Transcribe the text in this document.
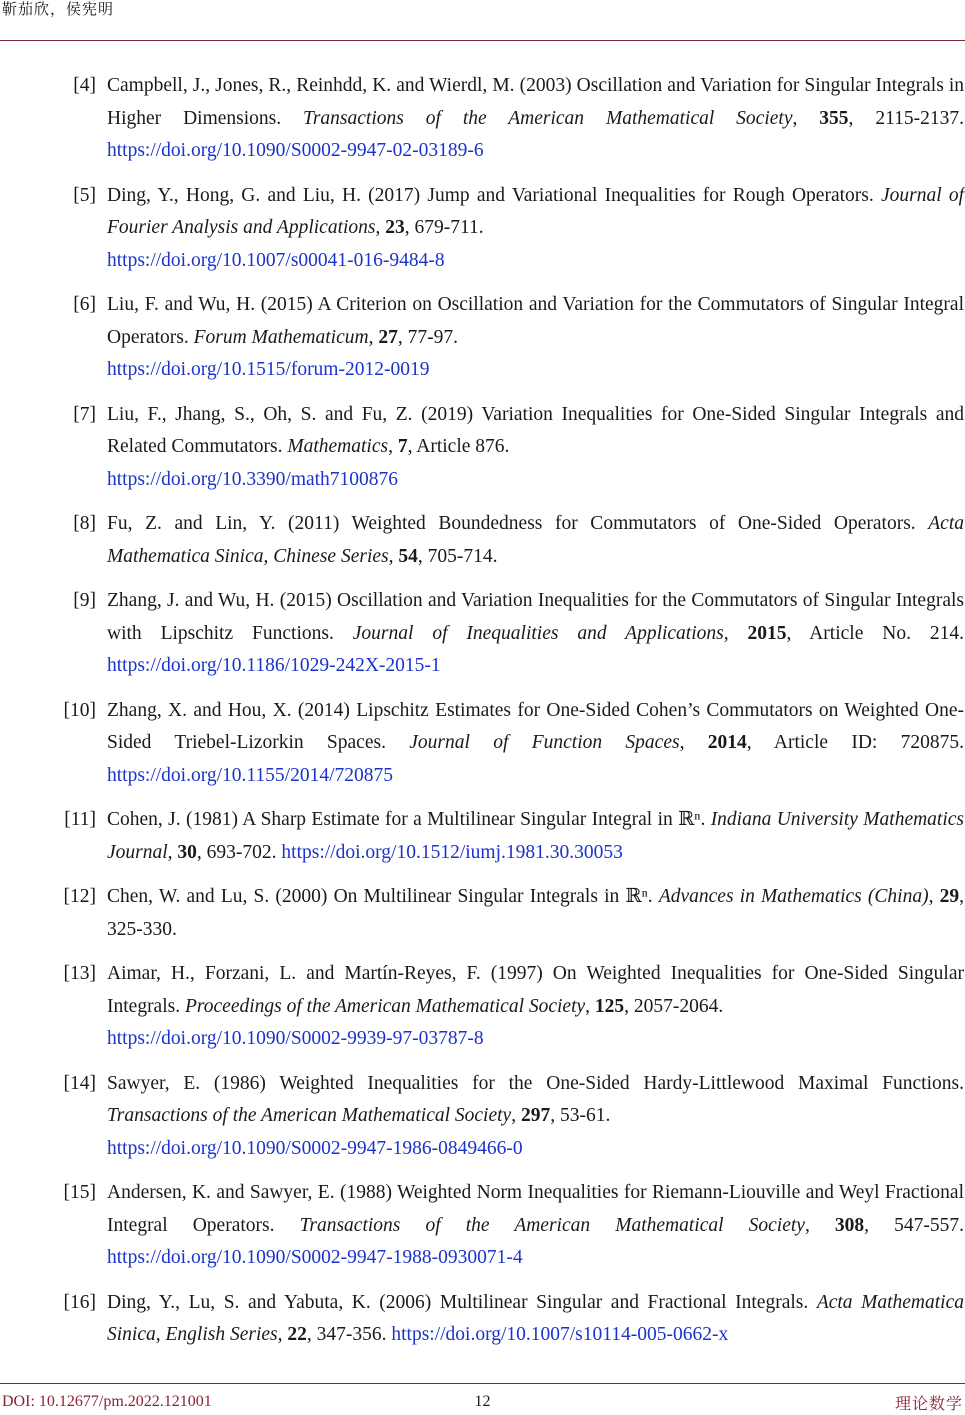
靳茄欣，侯宪明
[4] Campbell, J., Jones, R., Reinhdd, K. and Wierdl, M. (2003) Oscillation and Variation for Singular Integrals in Higher Dimensions. Transactions of the American Mathematical Society, 355, 2115-2137. https://doi.org/10.1090/S0002-9947-02-03189-6
[5] Ding, Y., Hong, G. and Liu, H. (2017) Jump and Variational Inequalities for Rough Operators. Journal of Fourier Analysis and Applications, 23, 679-711.
https://doi.org/10.1007/s00041-016-9484-8
[6] Liu, F. and Wu, H. (2015) A Criterion on Oscillation and Variation for the Commutators of Singular Integral Operators. Forum Mathematicum, 27, 77-97.
https://doi.org/10.1515/forum-2012-0019
[7] Liu, F., Jhang, S., Oh, S. and Fu, Z. (2019) Variation Inequalities for One-Sided Singular Integrals and Related Commutators. Mathematics, 7, Article 876.
https://doi.org/10.3390/math7100876
[8] Fu, Z. and Lin, Y. (2011) Weighted Boundedness for Commutators of One-Sided Operators. Acta Mathematica Sinica, Chinese Series, 54, 705-714.
[9] Zhang, J. and Wu, H. (2015) Oscillation and Variation Inequalities for the Commutators of Singular Integrals with Lipschitz Functions. Journal of Inequalities and Applications, 2015, Article No. 214. https://doi.org/10.1186/1029-242X-2015-1
[10] Zhang, X. and Hou, X. (2014) Lipschitz Estimates for One-Sided Cohen’s Commutators on Weighted One-Sided Triebel-Lizorkin Spaces. Journal of Function Spaces, 2014, Article ID: 720875. https://doi.org/10.1155/2014/720875
[11] Cohen, J. (1981) A Sharp Estimate for a Multilinear Singular Integral in ℝⁿ. Indiana University Mathematics Journal, 30, 693-702. https://doi.org/10.1512/iumj.1981.30.30053
[12] Chen, W. and Lu, S. (2000) On Multilinear Singular Integrals in ℝⁿ. Advances in Mathematics (China), 29, 325-330.
[13] Aimar, H., Forzani, L. and Martín-Reyes, F. (1997) On Weighted Inequalities for One-Sided Singular Integrals. Proceedings of the American Mathematical Society, 125, 2057-2064.
https://doi.org/10.1090/S0002-9939-97-03787-8
[14] Sawyer, E. (1986) Weighted Inequalities for the One-Sided Hardy-Littlewood Maximal Functions. Transactions of the American Mathematical Society, 297, 53-61.
https://doi.org/10.1090/S0002-9947-1986-0849466-0
[15] Andersen, K. and Sawyer, E. (1988) Weighted Norm Inequalities for Riemann-Liouville and Weyl Fractional Integral Operators. Transactions of the American Mathematical Society, 308, 547-557. https://doi.org/10.1090/S0002-9947-1988-0930071-4
[16] Ding, Y., Lu, S. and Yabuta, K. (2006) Multilinear Singular and Fractional Integrals. Acta Mathematica Sinica, English Series, 22, 347-356. https://doi.org/10.1007/s10114-005-0662-x
DOI: 10.12677/pm.2022.121001	12	理论数学
